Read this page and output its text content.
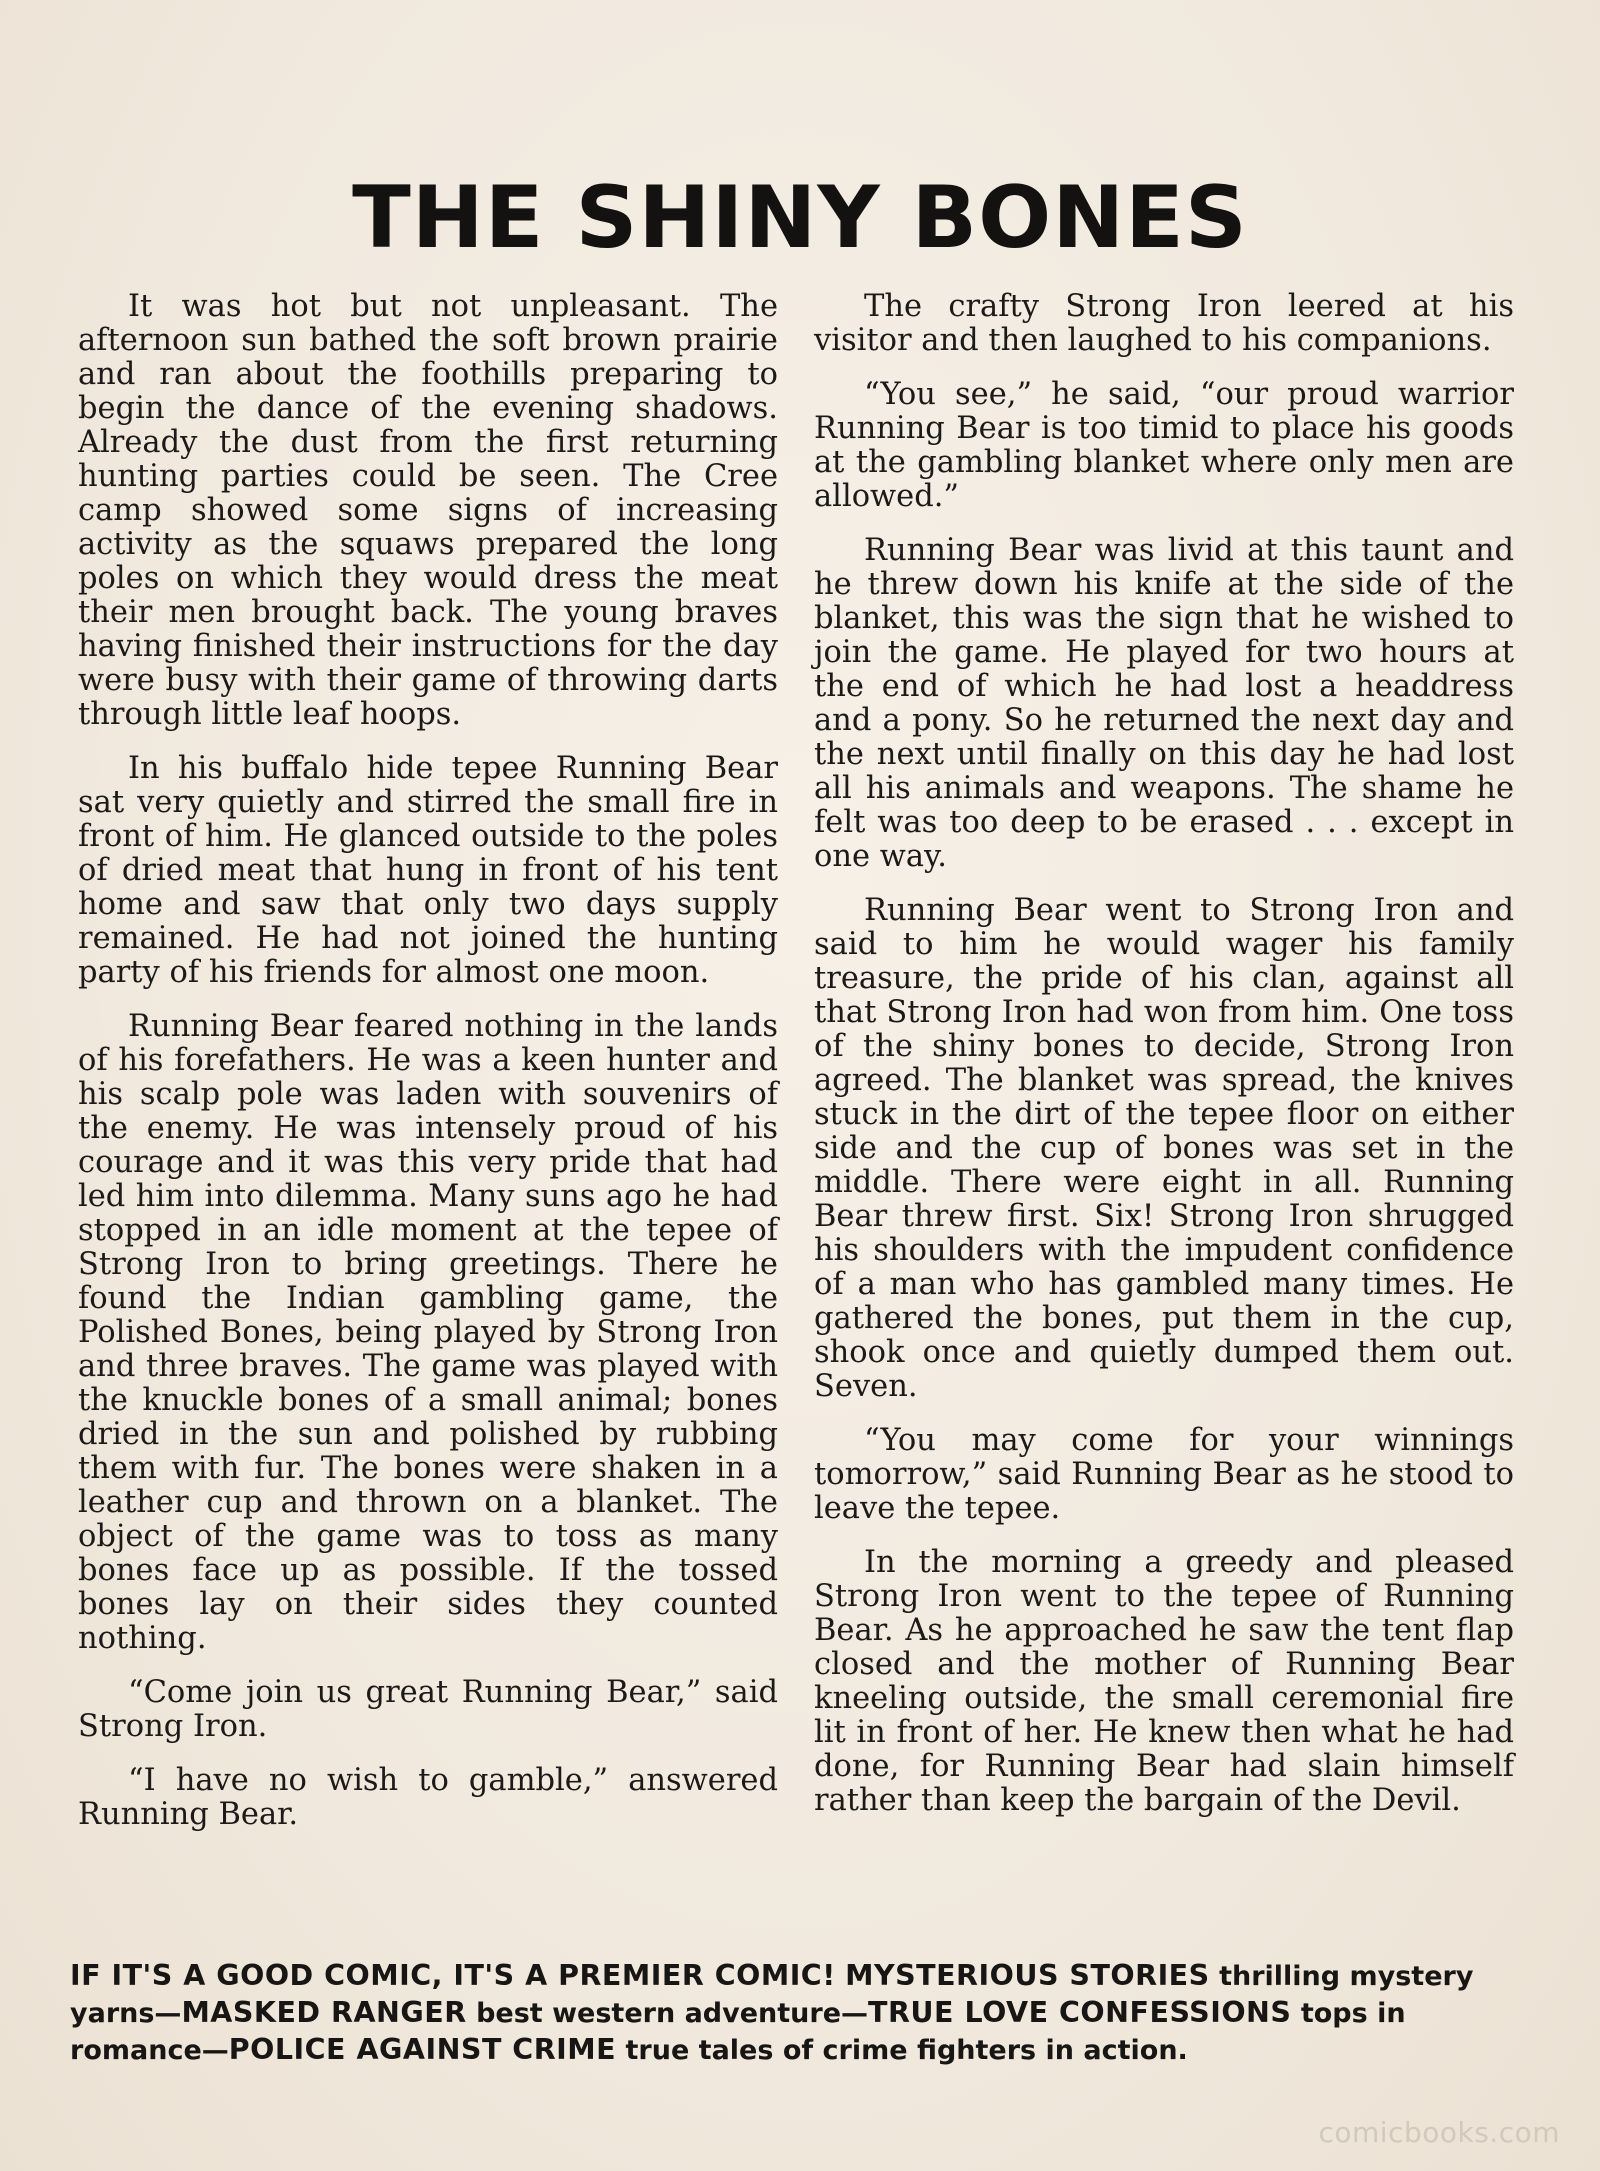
THE SHINY BONES

It was hot but not unpleasant. The afternoon sun bathed the soft brown prairie and ran about the foothills preparing to begin the dance of the evening shadows. Already the dust from the first returning hunting parties could be seen. The Cree camp showed some signs of increasing activity as the squaws prepared the long poles on which they would dress the meat their men brought back. The young braves having finished their instructions for the day were busy with their game of throwing darts through little leaf hoops.

In his buffalo hide tepee Running Bear sat very quietly and stirred the small fire in front of him. He glanced outside to the poles of dried meat that hung in front of his tent home and saw that only two days supply remained. He had not joined the hunting party of his friends for almost one moon.

Running Bear feared nothing in the lands of his forefathers. He was a keen hunter and his scalp pole was laden with souvenirs of the enemy. He was intensely proud of his courage and it was this very pride that had led him into dilemma. Many suns ago he had stopped in an idle moment at the tepee of Strong Iron to bring greetings. There he found the Indian gambling game, the Polished Bones, being played by Strong Iron and three braves. The game was played with the knuckle bones of a small animal; bones dried in the sun and polished by rubbing them with fur. The bones were shaken in a leather cup and thrown on a blanket. The object of the game was to toss as many bones face up as possible. If the tossed bones lay on their sides they counted nothing.

“Come join us great Running Bear,” said Strong Iron.

“I have no wish to gamble,” answered Running Bear.

The crafty Strong Iron leered at his visitor and then laughed to his companions.

“You see,” he said, “our proud warrior Running Bear is too timid to place his goods at the gambling blanket where only men are allowed.”

Running Bear was livid at this taunt and he threw down his knife at the side of the blanket, this was the sign that he wished to join the game. He played for two hours at the end of which he had lost a headdress and a pony. So he returned the next day and the next until finally on this day he had lost all his animals and weapons. The shame he felt was too deep to be erased . . . except in one way.

Running Bear went to Strong Iron and said to him he would wager his family treasure, the pride of his clan, against all that Strong Iron had won from him. One toss of the shiny bones to decide, Strong Iron agreed. The blanket was spread, the knives stuck in the dirt of the tepee floor on either side and the cup of bones was set in the middle. There were eight in all. Running Bear threw first. Six! Strong Iron shrugged his shoulders with the impudent confidence of a man who has gambled many times. He gathered the bones, put them in the cup, shook once and quietly dumped them out. Seven.

“You may come for your winnings tomorrow,” said Running Bear as he stood to leave the tepee.

In the morning a greedy and pleased Strong Iron went to the tepee of Running Bear. As he approached he saw the tent flap closed and the mother of Running Bear kneeling outside, the small ceremonial fire lit in front of her. He knew then what he had done, for Running Bear had slain himself rather than keep the bargain of the Devil.

IF IT'S A GOOD COMIC, IT'S A PREMIER COMIC! MYSTERIOUS STORIES thrilling mystery yarns—MASKED RANGER best western adventure—TRUE LOVE CONFESSIONS tops in romance—POLICE AGAINST CRIME true tales of crime fighters in action.
comicbooks.com
